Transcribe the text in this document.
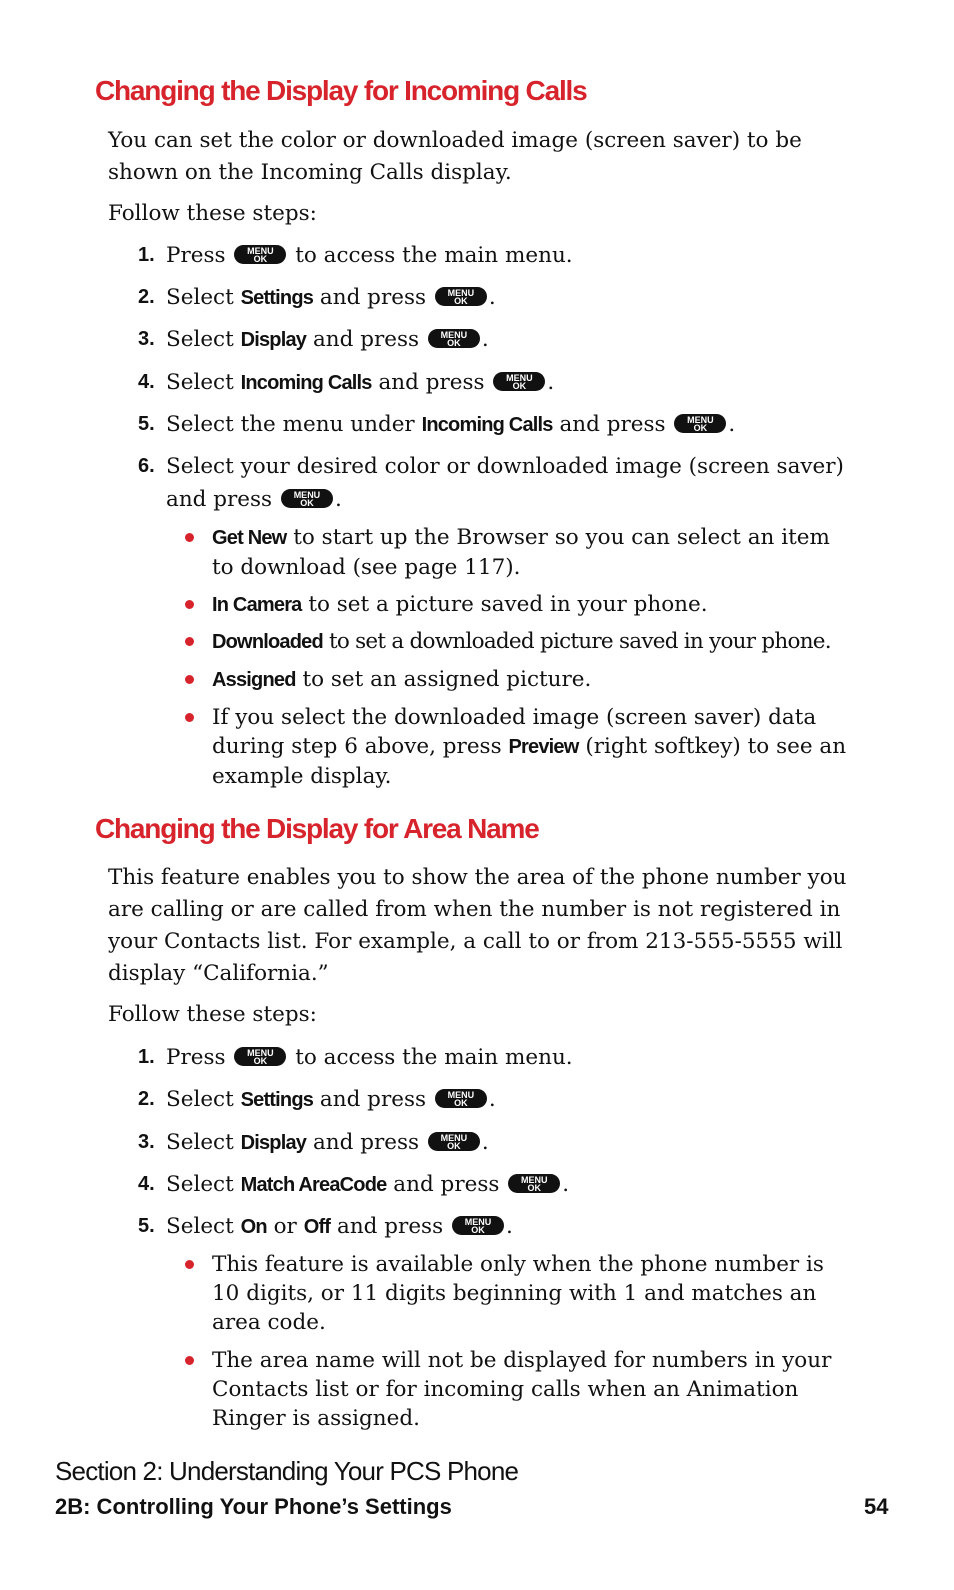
Changing the Display for Incoming Calls

You can set the color or downloaded image (screen saver) to be shown on the Incoming Calls display.

Follow these steps:

1. Press	MENU
OK	to access the main menu.
2. Select Settings and press	MENU
OK .
3. Select Display and press	MENU
OK .
4. Select Incoming Calls and press	MENU
OK .
5. Select the menu under Incoming Calls and press	MENU
OK .
6. Select your desired color or downloaded image (screen saver) and press	MENU
OK .
Get New to start up the Browser so you can select an item to download (see page 117).
In Camera to set a picture saved in your phone.
Downloaded to set a downloaded picture saved in your phone.
Assigned to set an assigned picture.
If you select the downloaded image (screen saver) data during step 6 above, press Preview (right softkey) to see an example display.
Changing the Display for Area Name

This feature enables you to show the area of the phone number you are calling or are called from when the number is not registered in your Contacts list. For example, a call to or from 213-555-5555 will display “California.”

Follow these steps:

1. Press	MENU
OK	to access the main menu.
2. Select Settings and press	MENU
OK .
3. Select Display and press	MENU
OK .
4. Select Match AreaCode and press	MENU
OK .
5. Select On or Off and press	MENU
OK .
This feature is available only when the phone number is 10 digits, or 11 digits beginning with 1 and matches an area code.
The area name will not be displayed for numbers in your Contacts list or for incoming calls when an Animation Ringer is assigned.
Section 2: Understanding Your PCS Phone
2B: Controlling Your Phone’s Settings	54
